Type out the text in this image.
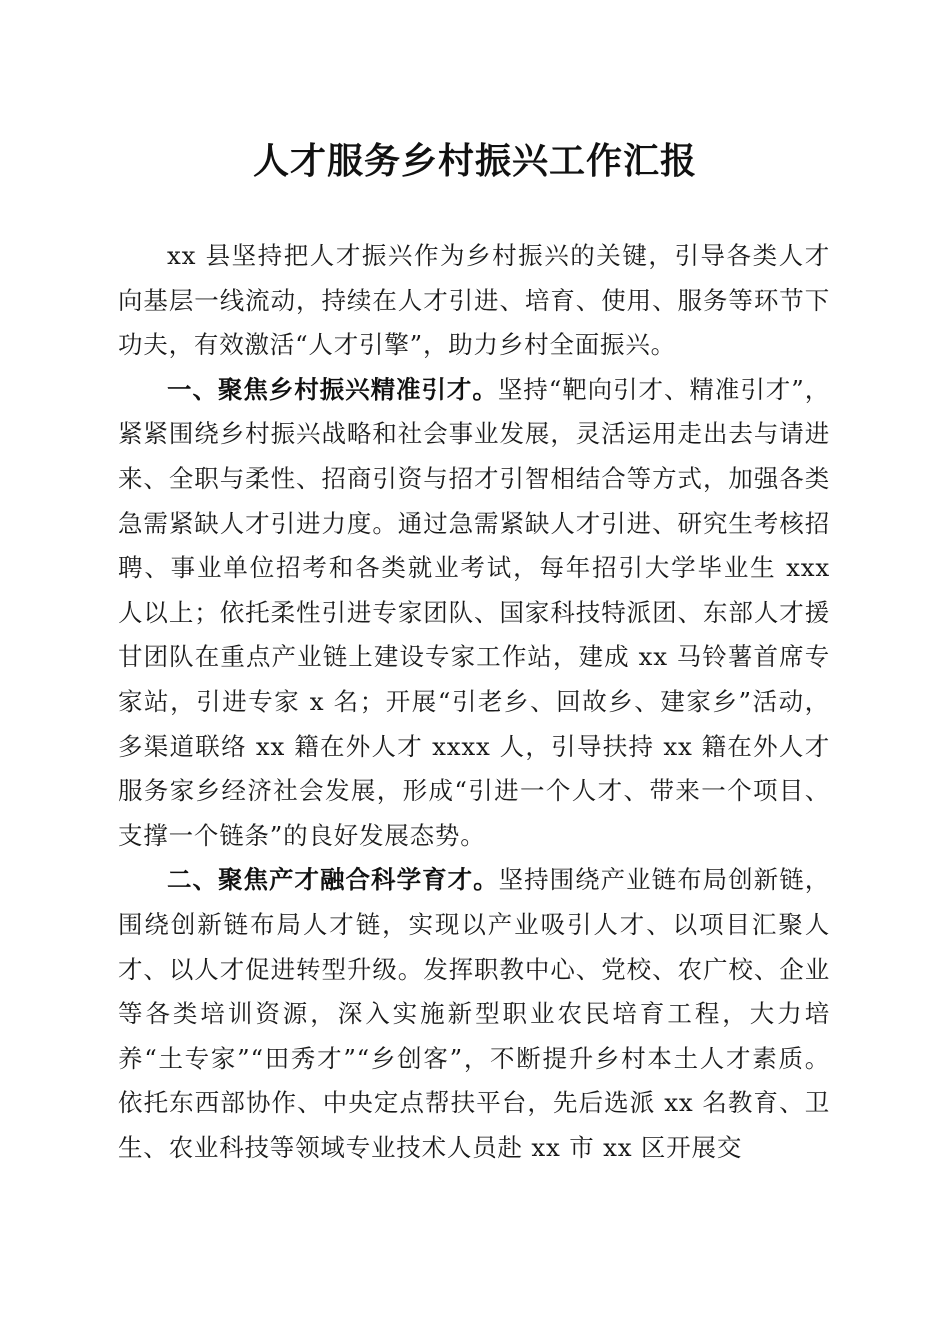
人才服务乡村振兴工作汇报

xx 县坚持把人才振兴作为乡村振兴的关键，引导各类人才向基层一线流动，持续在人才引进、培育、使用、服务等环节下功夫，有效激活“人才引擎”，助力乡村全面振兴。

一、聚焦乡村振兴精准引才。坚持“靶向引才、精准引才”，紧紧围绕乡村振兴战略和社会事业发展，灵活运用走出去与请进来、全职与柔性、招商引资与招才引智相结合等方式，加强各类急需紧缺人才引进力度。通过急需紧缺人才引进、研究生考核招聘、事业单位招考和各类就业考试，每年招引大学毕业生 xxx 人以上；依托柔性引进专家团队、国家科技特派团、东部人才援甘团队在重点产业链上建设专家工作站，建成 xx 马铃薯首席专家站，引进专家 x 名；开展“引老乡、回故乡、建家乡”活动，多渠道联络 xx 籍在外人才 xxxx 人，引导扶持 xx 籍在外人才服务家乡经济社会发展，形成“引进一个人才、带来一个项目、支撑一个链条”的良好发展态势。

二、聚焦产才融合科学育才。坚持围绕产业链布局创新链，围绕创新链布局人才链，实现以产业吸引人才、以项目汇聚人才、以人才促进转型升级。发挥职教中心、党校、农广校、企业等各类培训资源，深入实施新型职业农民培育工程，大力培养“土专家”“田秀才”“乡创客”，不断提升乡村本土人才素质。依托东西部协作、中央定点帮扶平台，先后选派 xx 名教育、卫生、农业科技等领域专业技术人员赴 xx 市 xx 区开展交
